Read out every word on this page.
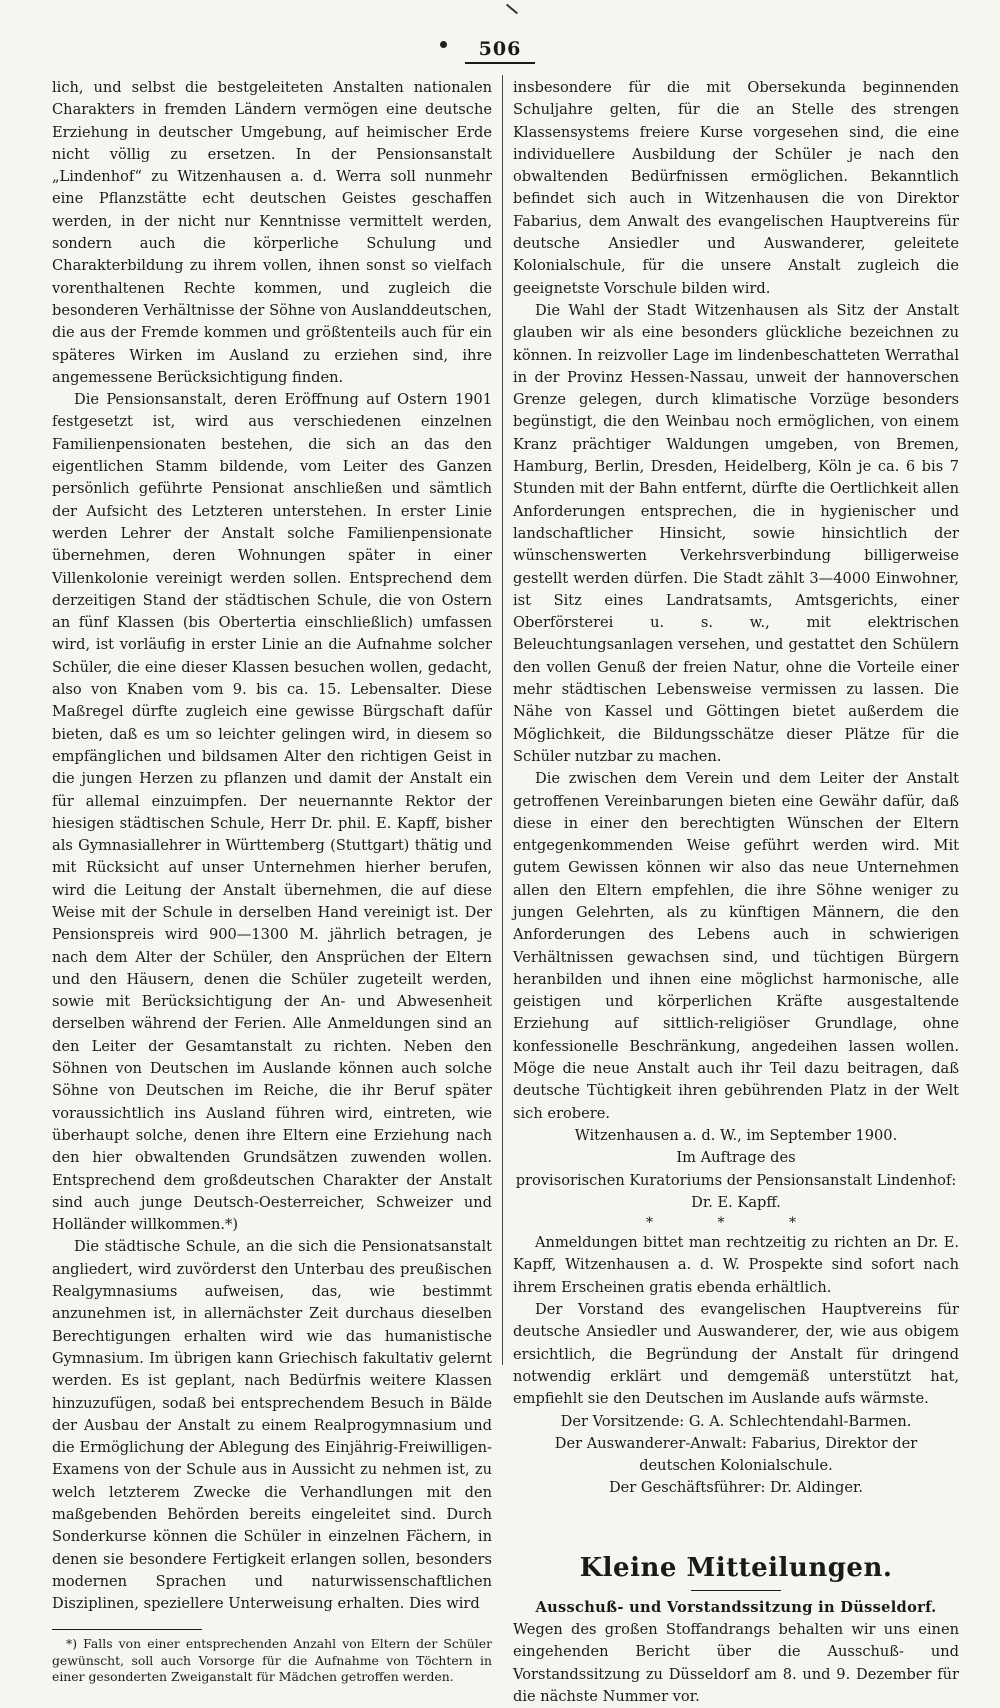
506

lich, und selbst die bestgeleiteten Anstalten nationalen Charakters in fremden Ländern vermögen eine deutsche Erziehung in deutscher Umgebung, auf heimischer Erde nicht völlig zu ersetzen. In der Pensionsanstalt „Lindenhof“ zu Witzenhausen a. d. Werra soll nunmehr eine Pflanzstätte echt deutschen Geistes geschaffen werden, in der nicht nur Kenntnisse vermittelt werden, sondern auch die körperliche Schulung und Charakterbildung zu ihrem vollen, ihnen sonst so vielfach vorenthaltenen Rechte kommen, und zugleich die besonderen Verhältnisse der Söhne von Auslanddeutschen, die aus der Fremde kommen und größtenteils auch für ein späteres Wirken im Ausland zu erziehen sind, ihre angemessene Berücksichtigung finden.

Die Pensionsanstalt, deren Eröffnung auf Ostern 1901 festgesetzt ist, wird aus verschiedenen einzelnen Familienpensionaten bestehen, die sich an das den eigentlichen Stamm bildende, vom Leiter des Ganzen persönlich geführte Pensionat anschließen und sämtlich der Aufsicht des Letzteren unterstehen. In erster Linie werden Lehrer der Anstalt solche Familienpensionate übernehmen, deren Wohnungen später in einer Villenkolonie vereinigt werden sollen. Entsprechend dem derzeitigen Stand der städtischen Schule, die von Ostern an fünf Klassen (bis Obertertia einschließlich) umfassen wird, ist vorläufig in erster Linie an die Aufnahme solcher Schüler, die eine dieser Klassen besuchen wollen, gedacht, also von Knaben vom 9. bis ca. 15. Lebensalter. Diese Maßregel dürfte zugleich eine gewisse Bürgschaft dafür bieten, daß es um so leichter gelingen wird, in diesem so empfänglichen und bildsamen Alter den richtigen Geist in die jungen Herzen zu pflanzen und damit der Anstalt ein für allemal einzuimpfen. Der neuernannte Rektor der hiesigen städtischen Schule, Herr Dr. phil. E. Kapff, bisher als Gymnasiallehrer in Württemberg (Stuttgart) thätig und mit Rücksicht auf unser Unternehmen hierher berufen, wird die Leitung der Anstalt übernehmen, die auf diese Weise mit der Schule in derselben Hand vereinigt ist. Der Pensionspreis wird 900—1300 M. jährlich betragen, je nach dem Alter der Schüler, den Ansprüchen der Eltern und den Häusern, denen die Schüler zugeteilt werden, sowie mit Berücksichtigung der An- und Abwesenheit derselben während der Ferien. Alle Anmeldungen sind an den Leiter der Gesamtanstalt zu richten. Neben den Söhnen von Deutschen im Auslande können auch solche Söhne von Deutschen im Reiche, die ihr Beruf später voraussichtlich ins Ausland führen wird, eintreten, wie überhaupt solche, denen ihre Eltern eine Erziehung nach den hier obwaltenden Grundsätzen zuwenden wollen. Entsprechend dem großdeutschen Charakter der Anstalt sind auch junge Deutsch-Oesterreicher, Schweizer und Holländer willkommen.*)

Die städtische Schule, an die sich die Pensionatsanstalt angliedert, wird zuvörderst den Unterbau des preußischen Realgymnasiums aufweisen, das, wie bestimmt anzunehmen ist, in allernächster Zeit durchaus dieselben Berechtigungen erhalten wird wie das humanistische Gymnasium. Im übrigen kann Griechisch fakultativ gelernt werden. Es ist geplant, nach Bedürfnis weitere Klassen hinzuzufügen, sodaß bei entsprechendem Besuch in Bälde der Ausbau der Anstalt zu einem Realprogymnasium und die Ermöglichung der Ablegung des Einjährig-Freiwilligen-Examens von der Schule aus in Aussicht zu nehmen ist, zu welch letzterem Zwecke die Verhandlungen mit den maßgebenden Behörden bereits eingeleitet sind. Durch Sonderkurse können die Schüler in einzelnen Fächern, in denen sie besondere Fertigkeit erlangen sollen, besonders modernen Sprachen und naturwissenschaftlichen Disziplinen, speziellere Unterweisung erhalten. Dies wird

*) Falls von einer entsprechenden Anzahl von Eltern der Schüler gewünscht, soll auch Vorsorge für die Aufnahme von Töchtern in einer gesonderten Zweiganstalt für Mädchen getroffen werden.

insbesondere für die mit Obersekunda beginnenden Schuljahre gelten, für die an Stelle des strengen Klassensystems freiere Kurse vorgesehen sind, die eine individuellere Ausbildung der Schüler je nach den obwaltenden Bedürfnissen ermöglichen. Bekanntlich befindet sich auch in Witzenhausen die von Direktor Fabarius, dem Anwalt des evangelischen Hauptvereins für deutsche Ansiedler und Auswanderer, geleitete Kolonialschule, für die unsere Anstalt zugleich die geeignetste Vorschule bilden wird.

Die Wahl der Stadt Witzenhausen als Sitz der Anstalt glauben wir als eine besonders glückliche bezeichnen zu können. In reizvoller Lage im lindenbeschatteten Werrathal in der Provinz Hessen-Nassau, unweit der hannoverschen Grenze gelegen, durch klimatische Vorzüge besonders begünstigt, die den Weinbau noch ermöglichen, von einem Kranz prächtiger Waldungen umgeben, von Bremen, Hamburg, Berlin, Dresden, Heidelberg, Köln je ca. 6 bis 7 Stunden mit der Bahn entfernt, dürfte die Oertlichkeit allen Anforderungen entsprechen, die in hygienischer und landschaftlicher Hinsicht, sowie hinsichtlich der wünschenswerten Verkehrsverbindung billigerweise gestellt werden dürfen. Die Stadt zählt 3—4000 Einwohner, ist Sitz eines Landratsamts, Amtsgerichts, einer Oberförsterei u. s. w., mit elektrischen Beleuchtungsanlagen versehen, und gestattet den Schülern den vollen Genuß der freien Natur, ohne die Vorteile einer mehr städtischen Lebensweise vermissen zu lassen. Die Nähe von Kassel und Göttingen bietet außerdem die Möglichkeit, die Bildungsschätze dieser Plätze für die Schüler nutzbar zu machen.

Die zwischen dem Verein und dem Leiter der Anstalt getroffenen Vereinbarungen bieten eine Gewähr dafür, daß diese in einer den berechtigten Wünschen der Eltern entgegenkommenden Weise geführt werden wird. Mit gutem Gewissen können wir also das neue Unternehmen allen den Eltern empfehlen, die ihre Söhne weniger zu jungen Gelehrten, als zu künftigen Männern, die den Anforderungen des Lebens auch in schwierigen Verhältnissen gewachsen sind, und tüchtigen Bürgern heranbilden und ihnen eine möglichst harmonische, alle geistigen und körperlichen Kräfte ausgestaltende Erziehung auf sittlich-religiöser Grundlage, ohne konfessionelle Beschränkung, angedeihen lassen wollen. Möge die neue Anstalt auch ihr Teil dazu beitragen, daß deutsche Tüchtigkeit ihren gebührenden Platz in der Welt sich erobere.

Witzenhausen a. d. W., im September 1900.

Im Auftrage des

provisorischen Kuratoriums der Pensionsanstalt Lindenhof:

Dr. E. Kapff.

* * *

Anmeldungen bittet man rechtzeitig zu richten an Dr. E. Kapff, Witzenhausen a. d. W. Prospekte sind sofort nach ihrem Erscheinen gratis ebenda erhältlich.

Der Vorstand des evangelischen Hauptvereins für deutsche Ansiedler und Auswanderer, der, wie aus obigem ersichtlich, die Begründung der Anstalt für dringend notwendig erklärt und demgemäß unterstützt hat, empfiehlt sie den Deutschen im Auslande aufs wärmste.

Der Vorsitzende: G. A. Schlechtendahl-Barmen.

Der Auswanderer-Anwalt: Fabarius, Direktor der

deutschen Kolonialschule.

Der Geschäftsführer: Dr. Aldinger.

Kleine Mitteilungen.

Ausschuß- und Vorstandssitzung in Düsseldorf.

Wegen des großen Stoffandrangs behalten wir uns einen eingehenden Bericht über die Ausschuß- und Vorstandssitzung zu Düsseldorf am 8. und 9. Dezember für die nächste Nummer vor.
